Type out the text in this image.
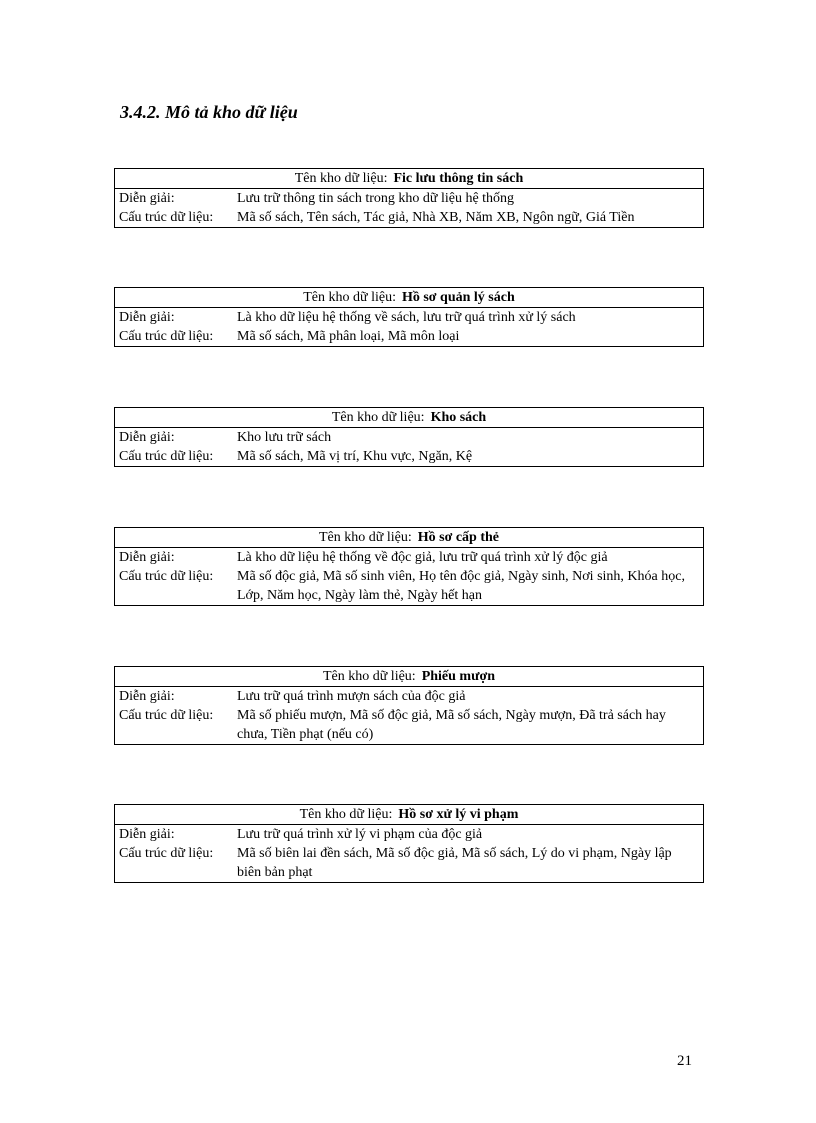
3.4.2. Mô tả kho dữ liệu
Tên kho dữ liệu: Fic lưu thông tin sách
Diễn giải:	Lưu trữ thông tin sách trong kho dữ liệu hệ thống
Cấu trúc dữ liệu:	Mã số sách, Tên sách, Tác giả, Nhà XB, Năm XB, Ngôn ngữ, Giá Tiền
Tên kho dữ liệu: Hồ sơ quản lý sách
Diễn giải:	Là kho dữ liệu hệ thống về sách, lưu trữ quá trình xử lý sách
Cấu trúc dữ liệu:	Mã số sách, Mã phân loại, Mã môn loại
Tên kho dữ liệu: Kho sách
Diễn giải:	Kho lưu trữ sách
Cấu trúc dữ liệu:	Mã số sách, Mã vị trí, Khu vực, Ngăn, Kệ
Tên kho dữ liệu: Hồ sơ cấp thẻ
Diễn giải:	Là kho dữ liệu hệ thống về độc giả, lưu trữ quá trình xử lý độc giả
Cấu trúc dữ liệu:	Mã số độc giả, Mã số sinh viên, Họ tên độc giả, Ngày sinh, Nơi sinh, Khóa học, Lớp, Năm học, Ngày làm thẻ, Ngày hết hạn
Tên kho dữ liệu: Phiếu mượn
Diễn giải:	Lưu trữ quá trình mượn sách của độc giả
Cấu trúc dữ liệu:	Mã số phiếu mượn, Mã số độc giả, Mã số sách, Ngày mượn, Đã trả sách hay chưa, Tiền phạt (nếu có)
Tên kho dữ liệu: Hồ sơ xử lý vi phạm
Diễn giải:	Lưu trữ quá trình xử lý vi phạm của độc giả
Cấu trúc dữ liệu:	Mã số biên lai đền sách, Mã số độc giả, Mã số sách, Lý do vi phạm, Ngày lập biên bản phạt
21
